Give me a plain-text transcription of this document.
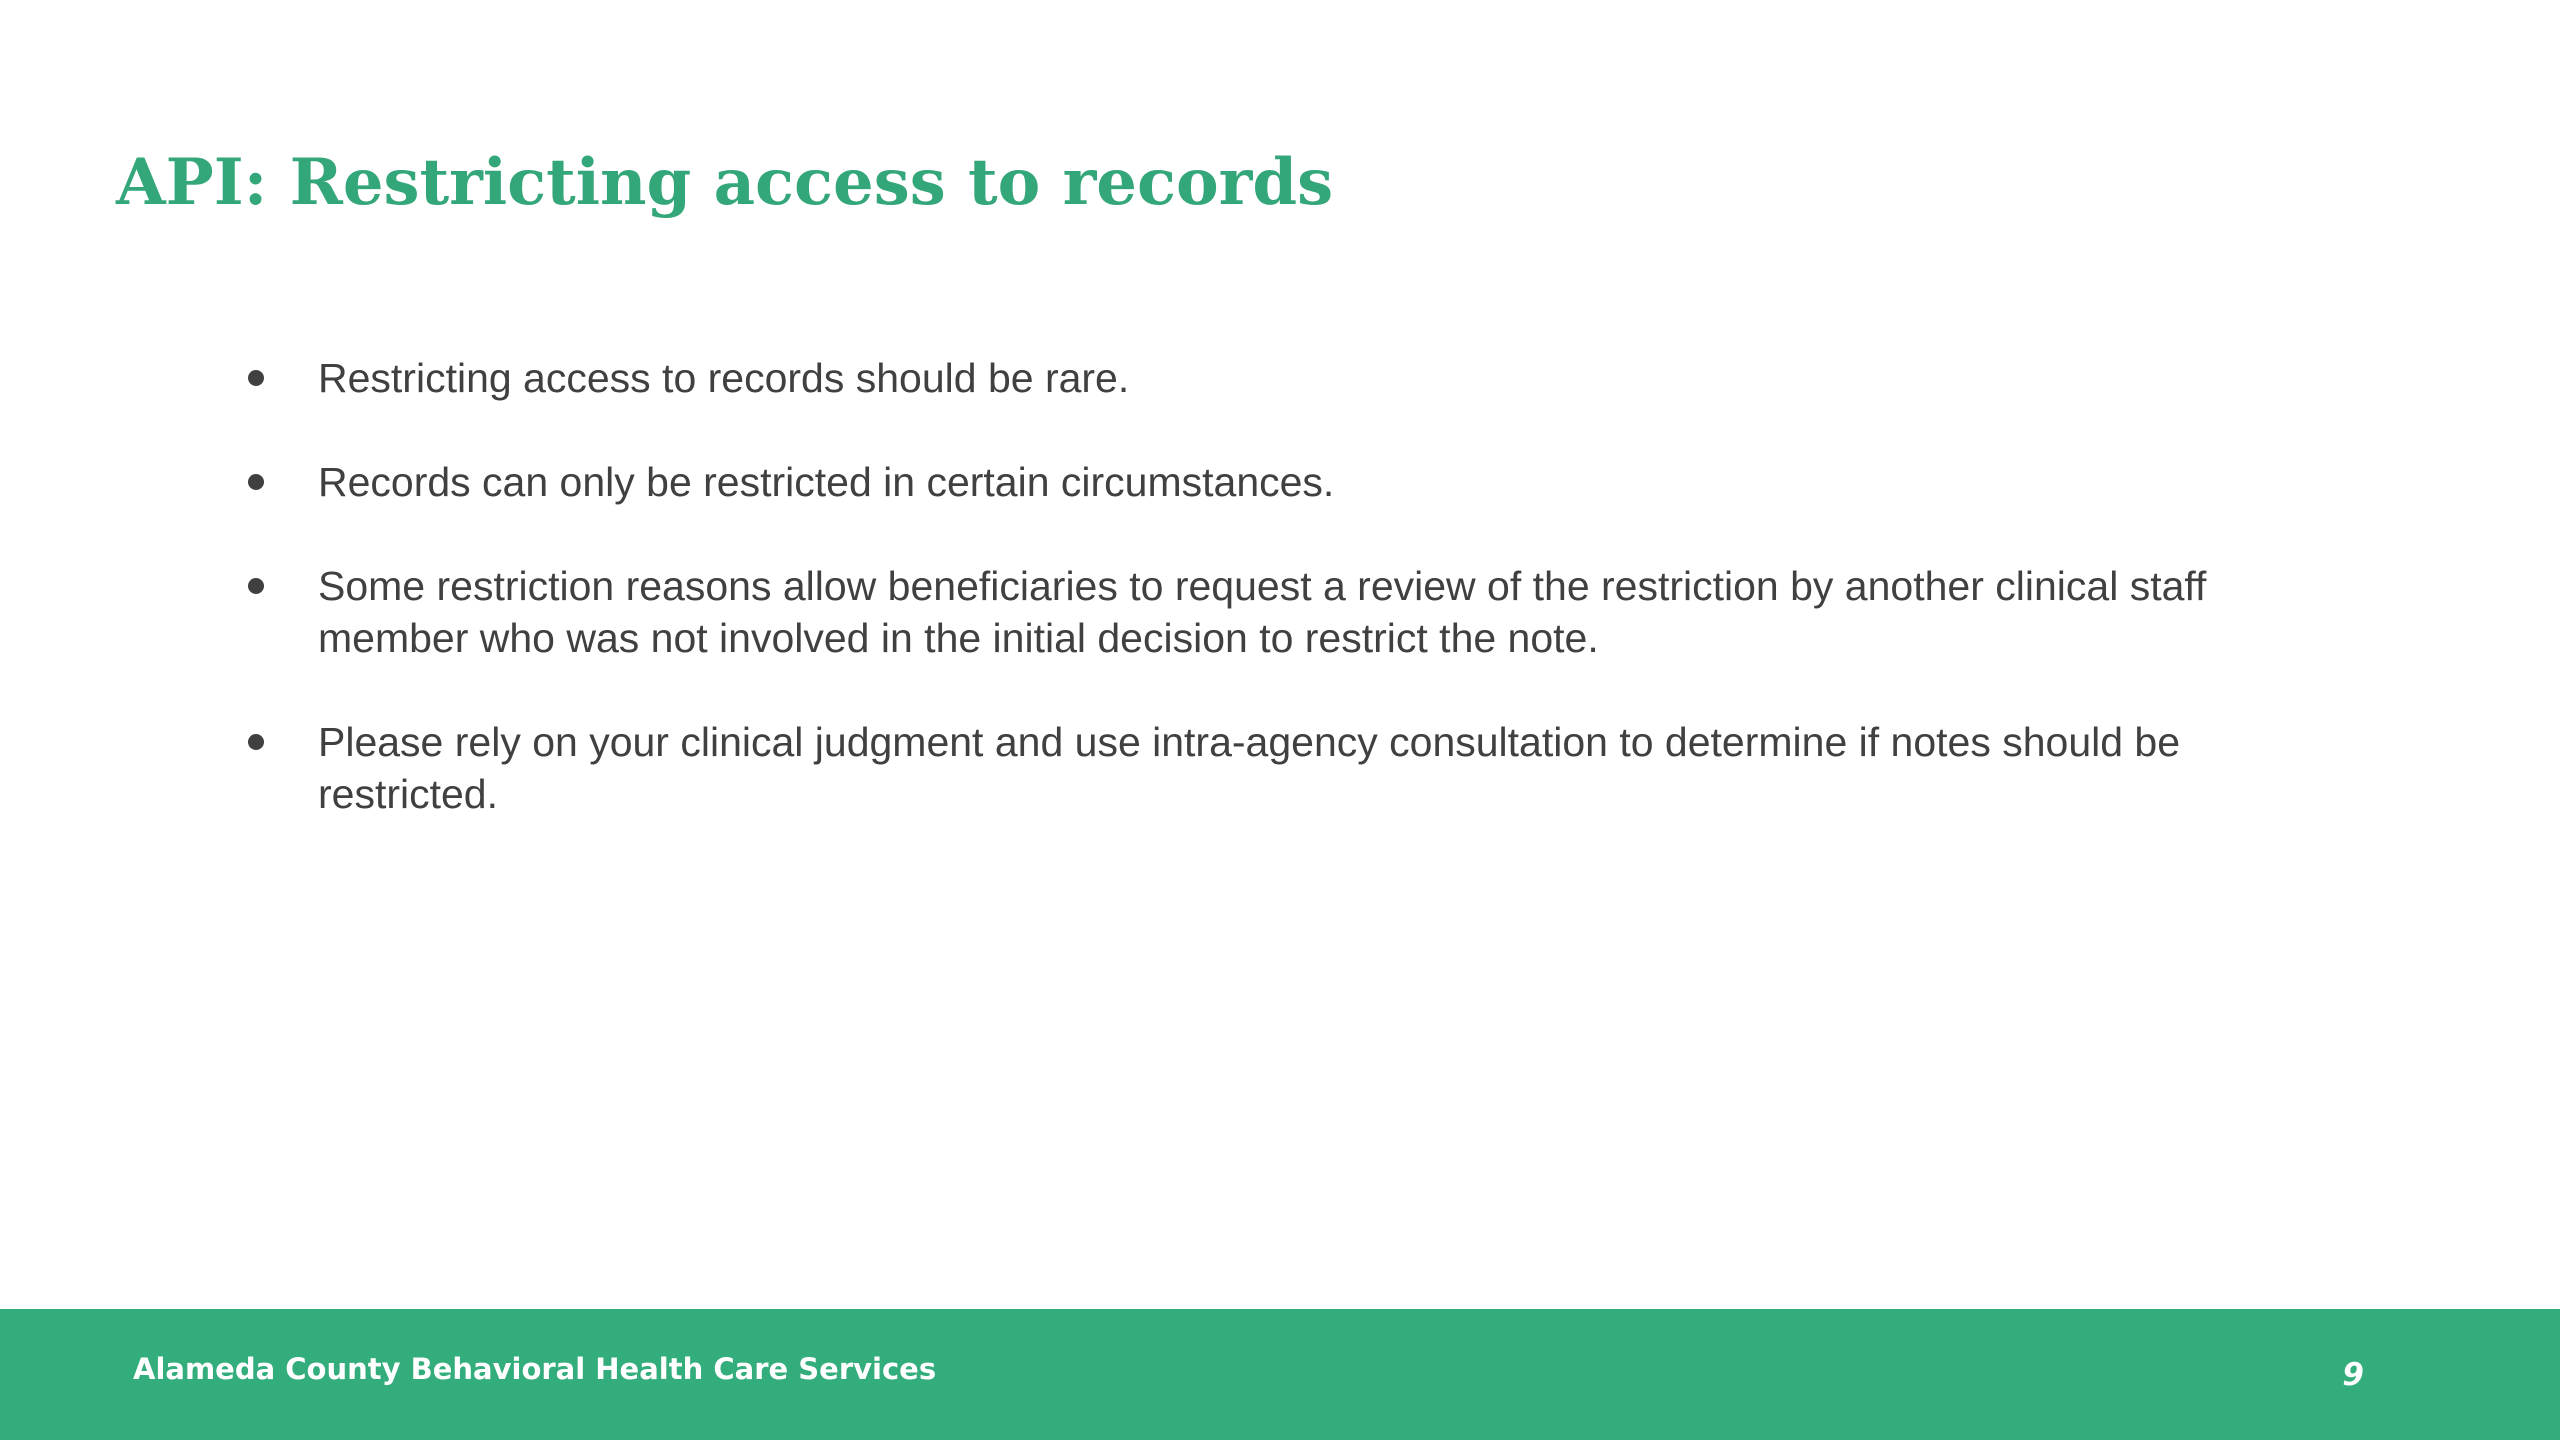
API: Restricting access to records
Restricting access to records should be rare.
Records can only be restricted in certain circumstances.
Some restriction reasons allow beneficiaries to request a review of the restriction by another clinical staff member who was not involved in the initial decision to restrict the note.
Please rely on your clinical judgment and use intra-agency consultation to determine if notes should be restricted.
Alameda County Behavioral Health Care Services	9
